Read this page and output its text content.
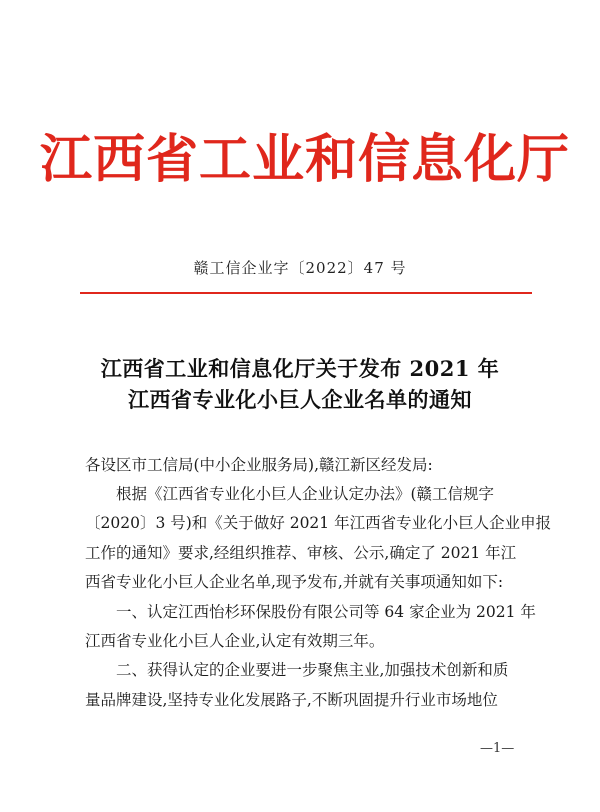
江西省工业和信息化厅
赣工信企业字〔2022〕47 号
江西省工业和信息化厅关于发布 2021 年
江西省专业化小巨人企业名单的通知
各设区市工信局(中小企业服务局),赣江新区经发局:
根据《江西省专业化小巨人企业认定办法》(赣工信规字
〔2020〕3 号)和《关于做好 2021 年江西省专业化小巨人企业申报
工作的通知》要求,经组织推荐、审核、公示,确定了 2021 年江
西省专业化小巨人企业名单,现予发布,并就有关事项通知如下:
一、认定江西怡杉环保股份有限公司等 64 家企业为 2021 年
江西省专业化小巨人企业,认定有效期三年。
二、获得认定的企业要进一步聚焦主业,加强技术创新和质
量品牌建设,坚持专业化发展路子,不断巩固提升行业市场地位
—1—
